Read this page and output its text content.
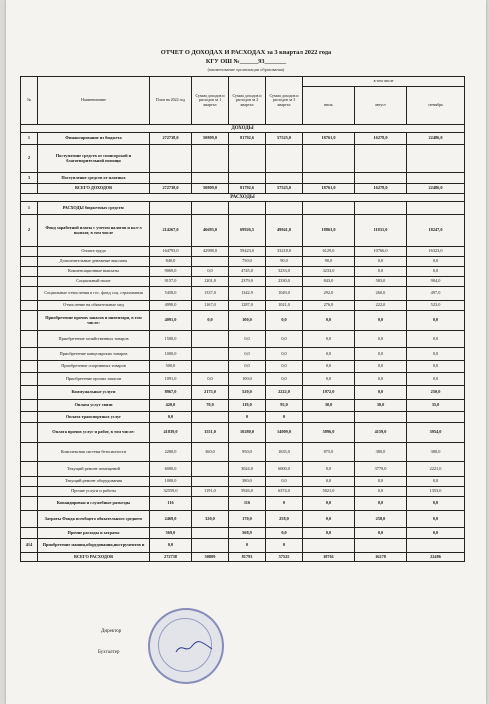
ОТЧЕТ О ДОХОДАХ И РАСХОДАХ за 3 квартал 2022 года
КГУ ОШ №______93_______
(наименование организации образования)
№	Наименование	План на 2022 год	Сумма доходов и расходов за 1 квартал	Сумма доходов и расходов за 2 квартал	Сумма доходов и расходов за 3 квартал	в том числе		
						июль	август	сентябрь
ДОХОДЫ								
1	Финансирование из бюджета	272738,0	50809,0	81792,6	57525,0	18761,0	16278,0	22486,0
2	Поступление средств от спонсорской и благотворительной помощи							
3	Поступление средств от платных							
	ВСЕГО ДОХОДОВ	272738,0	50809,0	81792,6	57525,0	18761,0	16278,0	22486,0
РАСХОДЫ								
1	РАСХОДЫ бюджетных средств:							
2	Фонд заработной платы с учетом налогов и кол-л выплат, в том числе	214267,0	46693,0	69926,5	49941,0	18863,0	11831,0	18247,0
	Оплата труда	164793,0	42988,0	59423,0	33218,0	6129,0	10766,0	16323,0
	Дополнительные денежные выплаты	840,0		750,0	90,0	90,0	0,0	0,0
	Компенсационные выплаты	9069,0	0,0	4745,0	3233,0	3233,0	0,0	0,0
	Социальный налог	9157,0	1201,0	2379,0	2330,0	843,0	583,0	904,0
	Социальные отчисления в гос. фонд соц. страхования	5458,0	1337,0	1342,9	1049,0	292,0	260,0	497,0
	Отчисление на обязательные мед	4990,0	1167,0	1287,0	1021,0	276,0	222,0	523,0
	Приобретение прочих запасов и инвентаря, в том числе:	4091,0	0,0	100,0	0,0	0,0	0,0	0,0
	Приобретение хозяйственных товаров	1500,0		0,0	0,0	0,0	0,0	0,0
	Приобретение канцелярских товаров	1000,0		0,0	0,0	0,0	0,0	0,0
	Приобретение спортивных товаров	500,0		0,0	0,0	0,0	0,0	0,0
	Приобретение прочих запасов	1091,0	0,0	100,0	0,0	0,0	0,0	0,0
	Коммунальные услуги	8967,0	2175,0	520,0	2222,0	1972,0	0,0	250,0
	Оплата услуг связи	420,0	70,0	119,0	95,0	30,0	30,0	35,0
	Оплата транспортных услуг	0,0		0	0			
	Оплата прочих услуг и работ, в том числе:	41839,0	1551,0	10280,0	14009,0	5896,0	4159,0	3954,0
	Комплексная система безопасности	2280,0	360,0	950,0	1635,0	875,0	380,0	380,0
	Текущий ремонт помещений	6000,0		3024,0	6000,0	0,0	3779,0	2221,0
	Текущий ремонт оборудования	1000,0		380,0	0,0	0,0	0,0	0,0
	Прочие услуги и работы	32559,0	1191,0	5926,0	6374,0	5021,0	0,0	1353,0
	Командировки и служебные разъезды	116		116	0	0,0	0,0	0,0
	Затраты Фонда всеобщего обязательного среднего	2469,0	320,0	170,0	258,0	0,0	258,0	0,0
	Прочие расходы и затраты	569,0		568,9	0,0	0,0	0,0	0,0
414	Приобретение машин,оборудования,инструментов и	0,0		0	0			
	ВСЕГО РАСХОДОВ	272738	50809	81793	57525	18761	16278	22486
Директор
Бухгалтер
